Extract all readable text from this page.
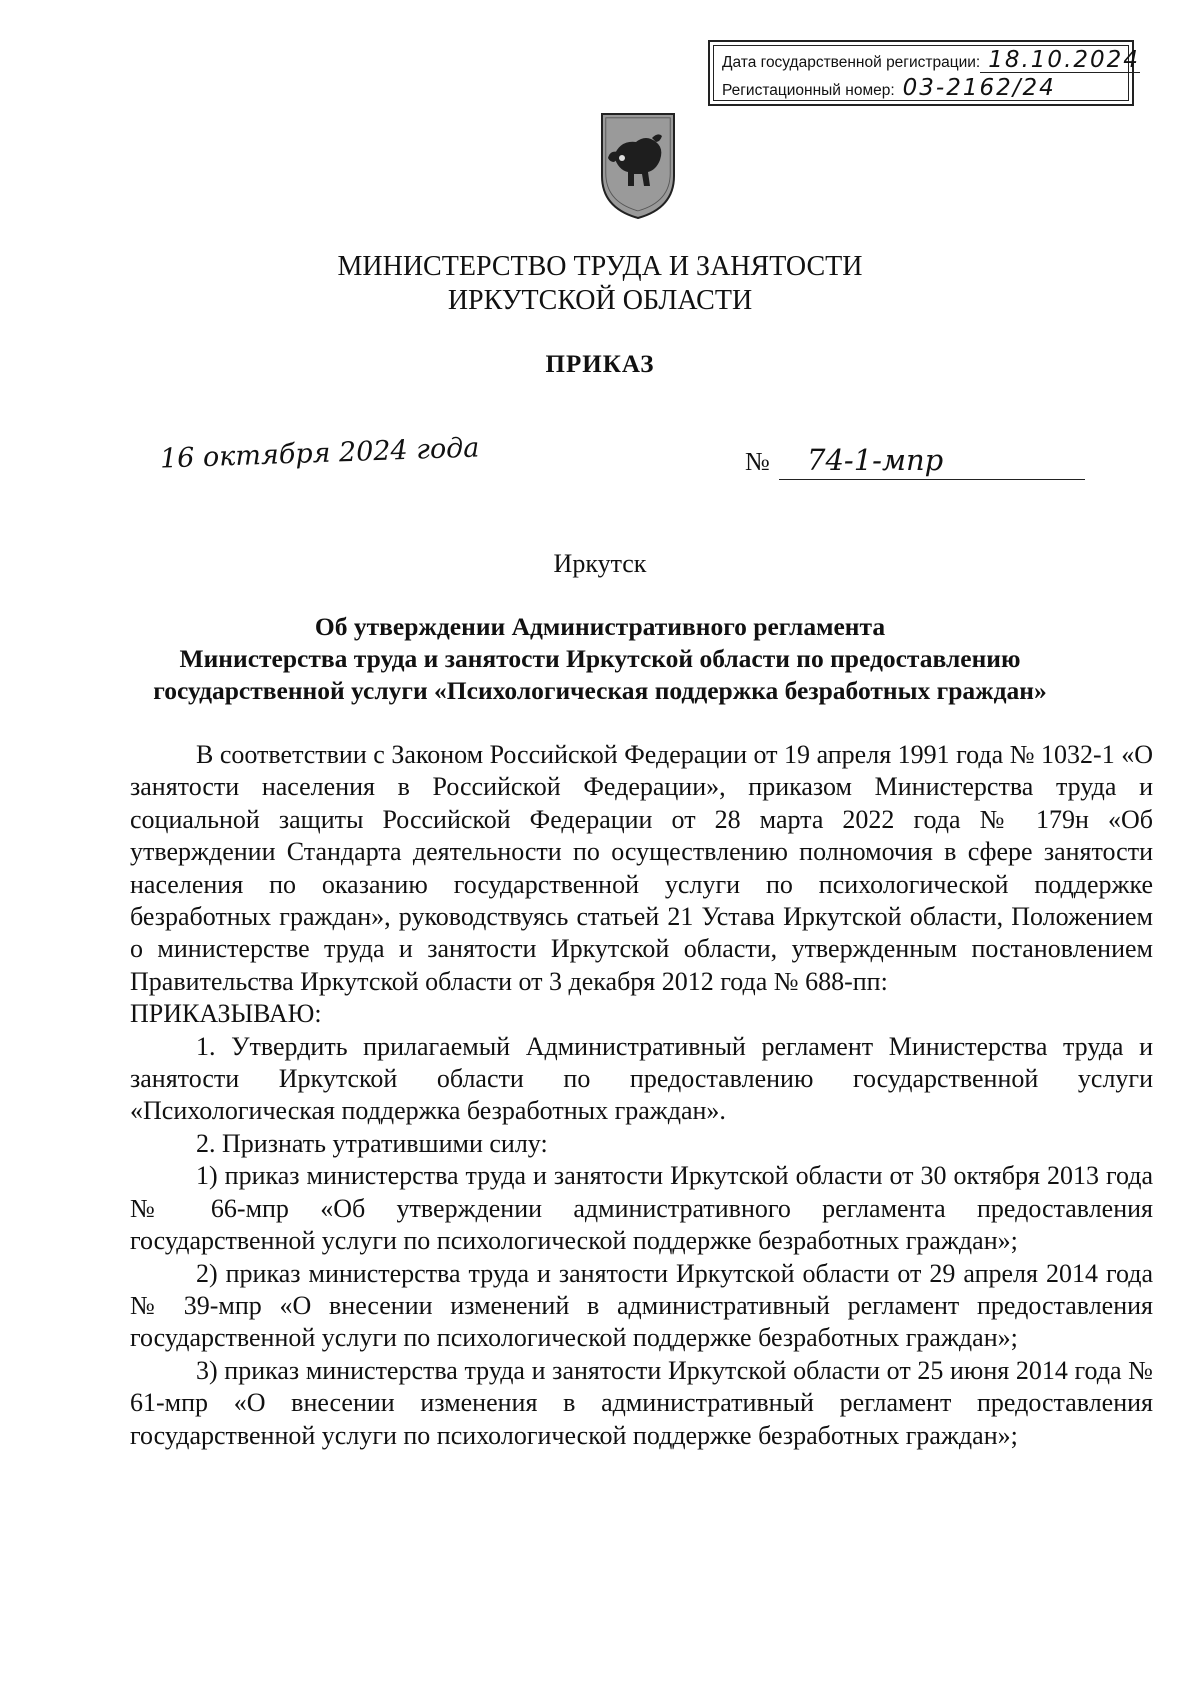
Дата государственной регистрации: 18.10.2024
Регистационный номер: 03-2162/24
МИНИСТЕРСТВО ТРУДА И ЗАНЯТОСТИ
ИРКУТСКОЙ ОБЛАСТИ
ПРИКАЗ
16 октября 2024 года	№ 74-1-мпр
Иркутск
Об утверждении Административного регламента
Министерства труда и занятости Иркутской области по предоставлению
государственной услуги «Психологическая поддержка безработных граждан»

В соответствии с Законом Российской Федерации от 19 апреля 1991 года № 1032-1 «О занятости населения в Российской Федерации», приказом Министерства труда и социальной защиты Российской Федерации от 28 марта 2022 года № 179н «Об утверждении Стандарта деятельности по осуществлению полномочия в сфере занятости населения по оказанию государственной услуги по психологической поддержке безработных граждан», руководствуясь статьей 21 Устава Иркутской области, Положением о министерстве труда и занятости Иркутской области, утвержденным постановлением Правительства Иркутской области от 3 декабря 2012 года № 688-пп:

ПРИКАЗЫВАЮ:

1. Утвердить прилагаемый Административный регламент Министерства труда и занятости Иркутской области по предоставлению государственной услуги «Психологическая поддержка безработных граждан».

2. Признать утратившими силу:

1) приказ министерства труда и занятости Иркутской области от 30 октября 2013 года № 66-мпр «Об утверждении административного регламента предоставления государственной услуги по психологической поддержке безработных граждан»;

2) приказ министерства труда и занятости Иркутской области от 29 апреля 2014 года № 39-мпр «О внесении изменений в административный регламент предоставления государственной услуги по психологической поддержке безработных граждан»;

3) приказ министерства труда и занятости Иркутской области от 25 июня 2014 года № 61-мпр «О внесении изменения в административный регламент предоставления государственной услуги по психологической поддержке безработных граждан»;
